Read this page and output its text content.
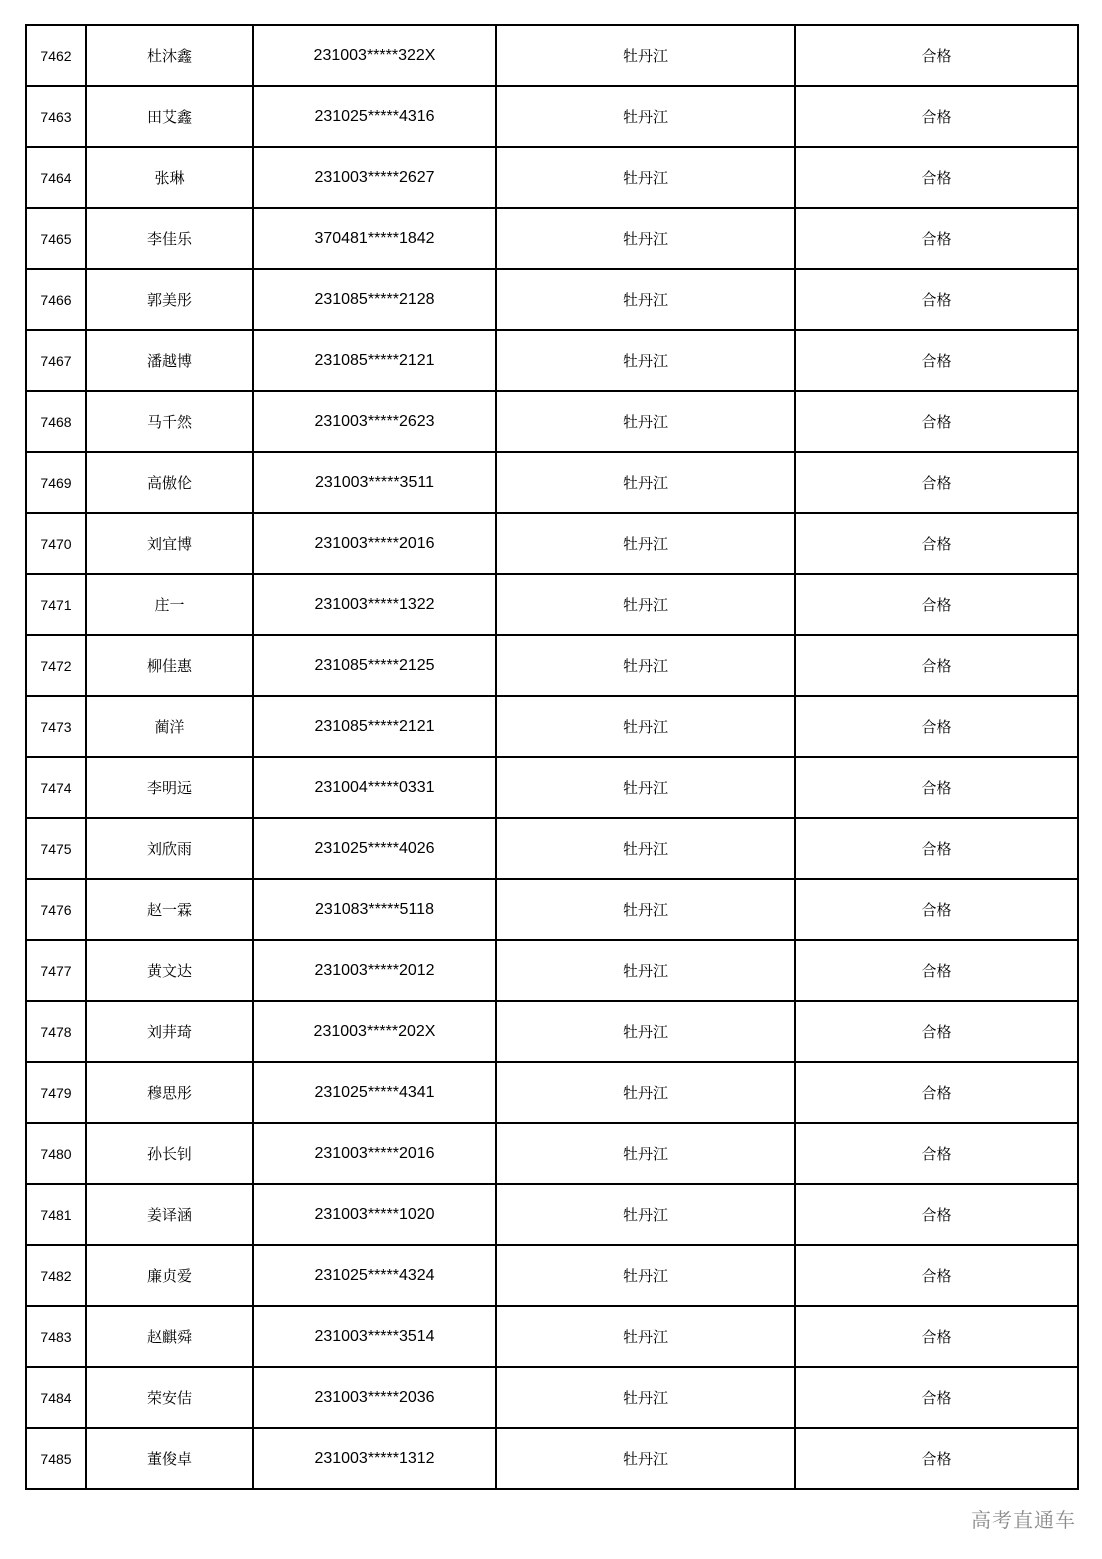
7462	杜沐鑫	231003*****322X	牡丹江	合格
7463	田艾鑫	231025*****4316	牡丹江	合格
7464	张琳	231003*****2627	牡丹江	合格
7465	李佳乐	370481*****1842	牡丹江	合格
7466	郭美彤	231085*****2128	牡丹江	合格
7467	潘越博	231085*****2121	牡丹江	合格
7468	马千然	231003*****2623	牡丹江	合格
7469	高傲伦	231003*****3511	牡丹江	合格
7470	刘宜博	231003*****2016	牡丹江	合格
7471	庄一	231003*****1322	牡丹江	合格
7472	柳佳惠	231085*****2125	牡丹江	合格
7473	蔺洋	231085*****2121	牡丹江	合格
7474	李明远	231004*****0331	牡丹江	合格
7475	刘欣雨	231025*****4026	牡丹江	合格
7476	赵一霖	231083*****5118	牡丹江	合格
7477	黄文达	231003*****2012	牡丹江	合格
7478	刘茾琦	231003*****202X	牡丹江	合格
7479	穆思彤	231025*****4341	牡丹江	合格
7480	孙长钊	231003*****2016	牡丹江	合格
7481	姜译涵	231003*****1020	牡丹江	合格
7482	廉贞爱	231025*****4324	牡丹江	合格
7483	赵麒舜	231003*****3514	牡丹江	合格
7484	荣安佶	231003*****2036	牡丹江	合格
7485	董俊卓	231003*****1312	牡丹江	合格
高考直通车
